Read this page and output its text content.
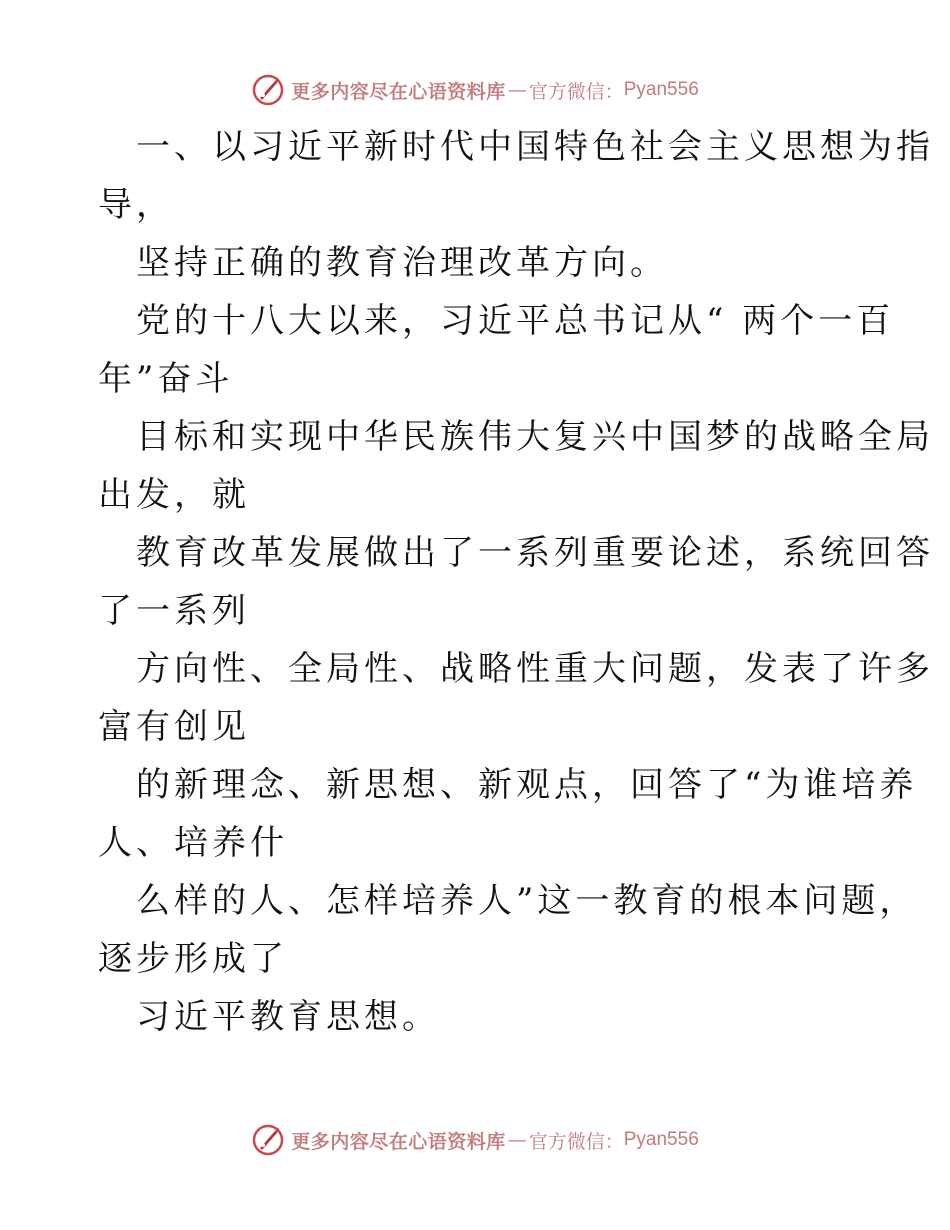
更多内容尽在心语资料库 — 官方微信： Pyan556
一、以习近平新时代中国特色社会主义思想为指
导，
坚持正确的教育治理改革方向。
党的十八大以来，习近平总书记从“ 两个一百
年”奋斗
目标和实现中华民族伟大复兴中国梦的战略全局
出发，就
教育改革发展做出了一系列重要论述，系统回答
了一系列
方向性、全局性、战略性重大问题，发表了许多
富有创见
的新理念、新思想、新观点，回答了“为谁培养
人、培养什
么样的人、怎样培养人”这一教育的根本问题，
逐步形成了
习近平教育思想。
更多内容尽在心语资料库 — 官方微信： Pyan556
